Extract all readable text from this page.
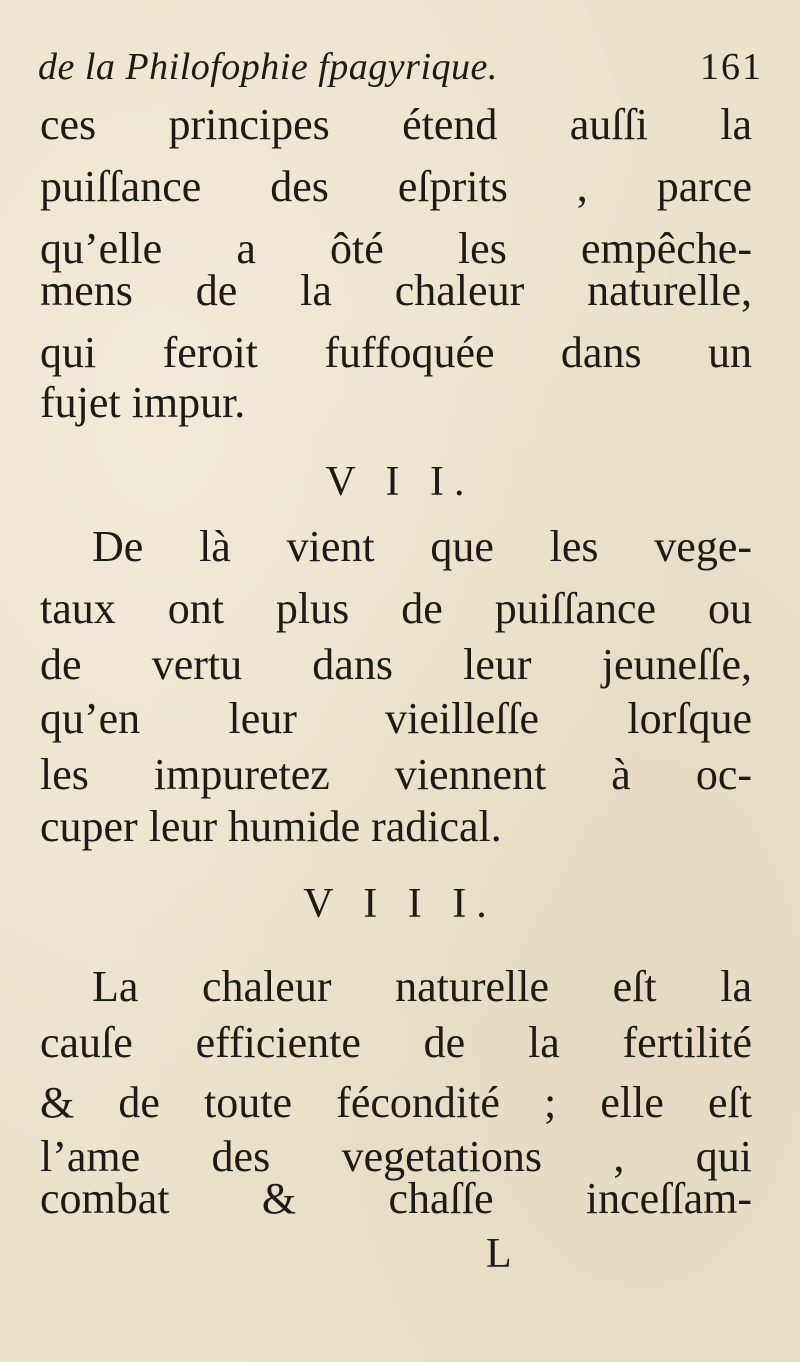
de la Philofophie fpagyrique.	161
ces principes étend auſſi la
puiſſance des eſprits , parce
qu’elle a ôté les empêche-
mens de la chaleur naturelle,
qui feroit fuffoquée dans un
fujet impur.
V I I.
De là vient que les vege-
taux ont plus de puiſſance ou
de vertu dans leur jeuneſſe,
qu’en leur vieilleſſe lorſque
les impuretez viennent à oc-
cuper leur humide radical.
V I I I.
La chaleur naturelle eſt la
cauſe efficiente de la fertilité
& de toute fécondité ; elle eſt
l’ame des vegetations , qui
combat & chaſſe inceſſam-
L
